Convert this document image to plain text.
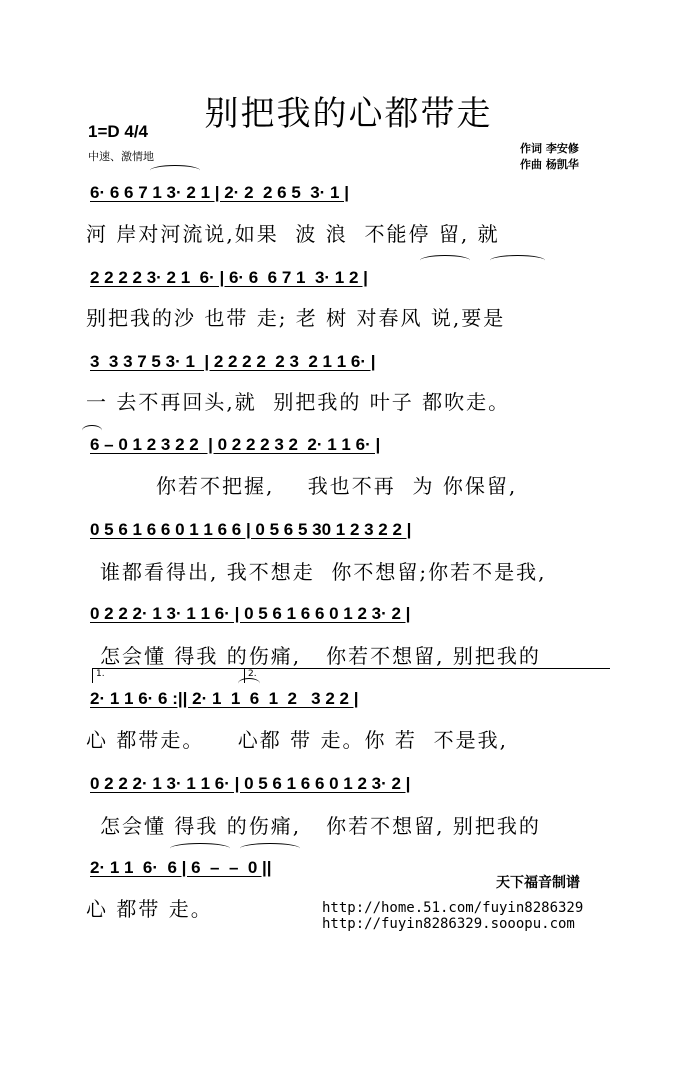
别把我的心都带走
1=D 4/4
中速、激情地
作词 李安修
作曲 杨凯华
6· 6 6 7 1 3· 2 1 | 2· 2  2 6 5  3· 1 |
河 岸对河流说,如果  波 浪  不能停 留, 就
2 2 2 2 3· 2 1  6· | 6· 6  6 7 1  3· 1 2 |
别把我的沙 也带 走; 老 树 对春风 说,要是
3  3 3 7 5 3· 1  | 2 2 2 2  2 3  2 1 1 6· |
一 去不再回头,就  别把我的 叶子 都吹走。
6 – 0 1 2 3 2 2  | 0 2 2 2 3 2  2· 1 1 6· |
你若不把握,    我也不再  为 你保留,
0 5 6 1 6 6 0 1 1 6 6 | 0 5 6 5 30 1 2 3 2 2 |
谁都看得出, 我不想走  你不想留;你若不是我,
0 2 2 2· 1 3· 1 1 6· | 0 5 6 1 6 6 0 1 2 3· 2 |
怎会懂 得我 的伤痛,   你若不想留, 别把我的
2· 1 1 6· 6 :|| 2· 1  1  6  1  2   3 2 2 |
心 都带走。    心都 带 走。你 若  不是我,
0 2 2 2· 1 3· 1 1 6· | 0 5 6 1 6 6 0 1 2 3· 2 |
怎会懂 得我 的伤痛,   你若不想留, 别把我的
2· 1 1  6·  6 | 6  –  –  0 ||
心 都带 走。
1.	2.
天下福音制谱
http://home.51.com/fuyin8286329
http://fuyin8286329.sooopu.com
